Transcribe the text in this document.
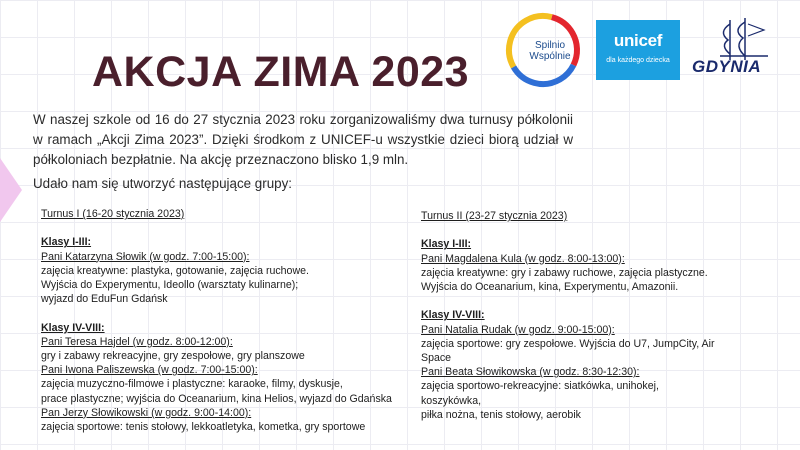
Spilnio
Wspólnie
unicef
dla każdego dziecka	GDYNIA
AKCJA ZIMA 2023

W naszej szkole od 16 do 27 stycznia 2023 roku zorganizowaliśmy dwa turnusy półkolonii w ramach „Akcji Zima 2023”. Dzięki środkom z UNICEF-u wszystkie dzieci biorą udział w półkoloniach bezpłatnie. Na akcję przeznaczono blisko 1,9 mln.

Udało nam się utworzyć następujące grupy:

Turnus I (16-20 stycznia 2023)

Klasy I-III:

Pani Katarzyna Słowik (w godz. 7:00-15:00):

zajęcia kreatywne: plastyka, gotowanie, zajęcia ruchowe.

Wyjścia do Experymentu, Ideollo (warsztaty kulinarne);

wyjazd do EduFun Gdańsk

Klasy IV-VIII:

Pani Teresa Hajdel (w godz. 8:00-12:00):

gry i zabawy rekreacyjne, gry zespołowe, gry planszowe

Pani Iwona Paliszewska (w godz. 7:00-15:00):

zajęcia muzyczno-filmowe i plastyczne: karaoke, filmy, dyskusje,

prace plastyczne; wyjścia do Oceanarium, kina Helios, wyjazd do Gdańska

Pan Jerzy Słowikowski (w godz. 9:00-14:00):

zajęcia sportowe: tenis stołowy, lekkoatletyka, kometka, gry sportowe

Turnus II (23-27 stycznia 2023)

Klasy I-III:

Pani Magdalena Kula (w godz. 8:00-13:00):

zajęcia kreatywne: gry i zabawy ruchowe, zajęcia plastyczne.

Wyjścia do Oceanarium, kina, Experymentu, Amazonii.

Klasy IV-VIII:

Pani Natalia Rudak (w godz. 9:00-15:00):

zajęcia sportowe: gry zespołowe. Wyjścia do U7, JumpCity, Air

Space

Pani Beata Słowikowska (w godz. 8:30-12:30):

zajęcia sportowo-rekreacyjne: siatkówka, unihokej, koszykówka,

piłka nożna, tenis stołowy, aerobik
